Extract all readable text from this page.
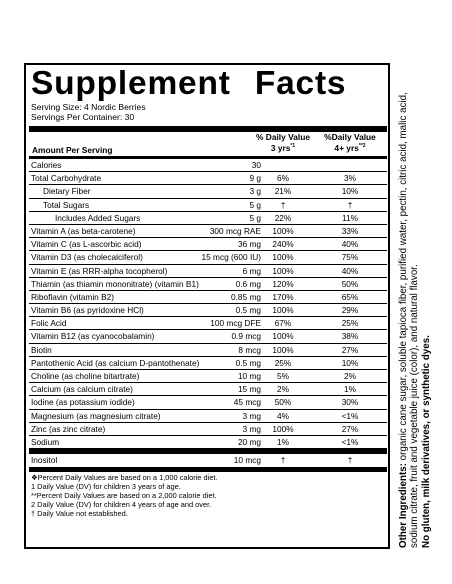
Supplement Facts
Serving Size: 4 Nordic Berries
Servings Per Container: 30
Amount Per Serving
% Daily Value
3 yrs$^{*1}$
%Daily Value
4+ yrs$^{**2}$
Calories	30
Total Carbohydrate	9 g	6%	3%
Dietary Fiber	3 g	21%	10%
Total Sugars	5 g	†	†
Includes Added Sugars	5 g	22%	11%
Vitamin A (as beta-carotene)	300 mcg RAE	100%	33%
Vitamin C (as L-ascorbic acid)	36 mg	240%	40%
Vitamin D3 (as cholecalciferol)	15 mcg (600 IU)	100%	75%
Vitamin E (as RRR-alpha tocopherol)	6 mg	100%	40%
Thiamin (as thiamin mononitrate) (vitamin B1)	0.6 mg	120%	50%
Riboflavin (vitamin B2)	0.85 mg	170%	65%
Vitamin B6 (as pyridoxine HCl)	0.5 mg	100%	29%
Folic Acid	100 mcg DFE	67%	25%
Vitamin B12 (as cyanocobalamin)	0.9 mcg	100%	38%
Biotin	8 mcg	100%	27%
Pantothenic Acid (as calcium D-pantothenate)	0.5 mg	25%	10%
Choline (as choline bitartrate)	10 mg	5%	2%
Calcium (as calcium citrate)	15 mg	2%	1%
Iodine (as potassium iodide)	45 mcg	50%	30%
Magnesium (as magnesium citrate)	3 mg	4%	<1%
Zinc (as zinc citrate)	3 mg	100%	27%
Sodium	20 mg	1%	<1%
Inositol	10 mcg	†	†
❖Percent Daily Values are based on a 1,000 calorie diet.
1 Daily Value (DV) for children 3 years of age.
**Percent Daily Values are based on a 2,000 calorie diet.
2 Daily Value (DV) for children 4 years of age and over.
† Daily Value not established.	Other Ingredients: organic cane sugar, soluble tapioca fiber, purified water, pectin, citric acid, malic acid, sodium citrate, fruit and vegetable juice (color), and natural flavor. No gluten, milk derivatives, or synthetic dyes.
